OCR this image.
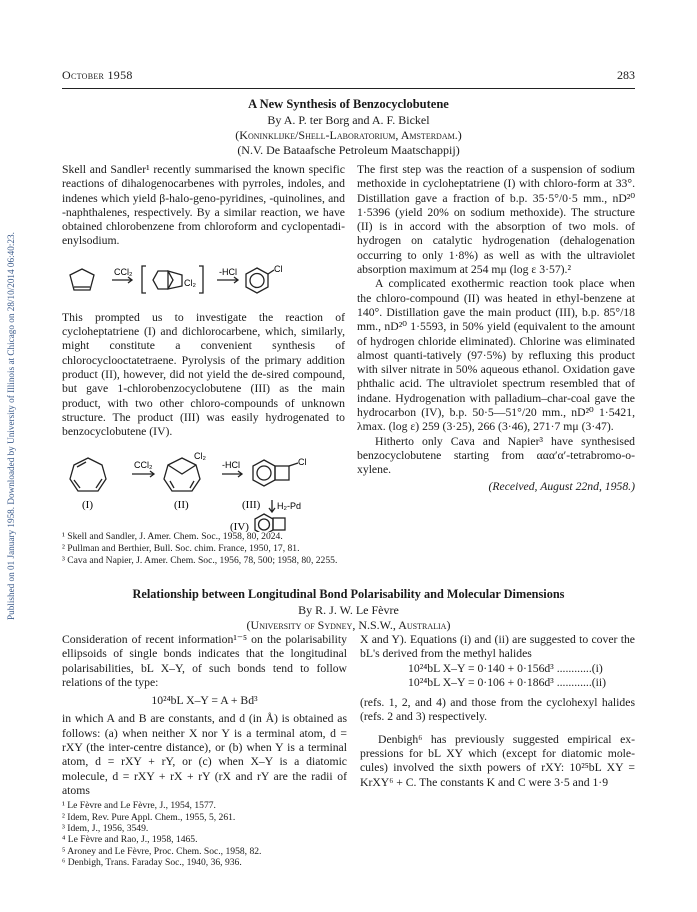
Published on 01 January 1958. Downloaded by University of Illinois at Chicago on 28/10/2014 06:40:23.
October 1958	283
A New Synthesis of Benzocyclobutene
By A. P. ter Borg and A. F. Bickel
(Koninklijke/Shell-Laboratorium, Amsterdam.)
(N.V. De Bataafsche Petroleum Maatschappij)

Skell and Sandler¹ recently summarised the known specific reactions of dihalogenocarbenes with pyrroles, indoles, and indenes which yield β-halo-geno-pyridines, -quinolines, and -naphthalenes, respectively. By a similar reaction, we have obtained chlorobenzene from chloroform and cyclopentadi-enylsodium.

This prompted us to investigate the reaction of cycloheptatriene (I) and dichlorocarbene, which, similarly, might constitute a convenient synthesis of chlorocyclooctatetraene. Pyrolysis of the primary addition product (II), however, did not yield the de-sired compound, but gave 1-chlorobenzocyclobutene (III) as the main product, with two other chloro-compounds of unknown structure. The product (III) was easily hydrogenated to benzocyclobutene (IV).

CCl₂
Cl₂
-HCl	Cl
CCl₂
Cl₂
-HCl	Cl
H₂-Pd
(I)	(II)	(III)
(IV)

The first step was the reaction of a suspension of sodium methoxide in cycloheptatriene (I) with chloro-form at 33°. Distillation gave a fraction of b.p. 35·5°/0·5 mm., nD²⁰ 1·5396 (yield 20% on sodium methoxide). The structure (II) is in accord with the absorption of two mols. of hydrogen on catalytic hydrogenation (dehalogenation occurring to only 1·8%) as well as with the ultraviolet absorption maximum at 254 mμ (log ε 3·57).²

A complicated exothermic reaction took place when the chloro-compound (II) was heated in ethyl-benzene at 140°. Distillation gave the main product (III), b.p. 85°/18 mm., nD²⁰ 1·5593, in 50% yield (equivalent to the amount of hydrogen chloride eliminated). Chlorine was eliminated almost quanti-tatively (97·5%) by refluxing this product with silver nitrate in 50% aqueous ethanol. Oxidation gave phthalic acid. The ultraviolet spectrum resembled that of indane. Hydrogenation with palladium–char-coal gave the hydrocarbon (IV), b.p. 50·5—51°/20 mm., nD²⁰ 1·5421, λmax. (log ε) 259 (3·25), 266 (3·46), 271·7 mμ (3·47).

Hitherto only Cava and Napier³ have synthesised benzocyclobutene starting from ααα′α′-tetrabromo-o-xylene.

(Received, August 22nd, 1958.)
¹ Skell and Sandler, J. Amer. Chem. Soc., 1958, 80, 2024.
² Pullman and Berthier, Bull. Soc. chim. France, 1950, 17, 81.
³ Cava and Napier, J. Amer. Chem. Soc., 1956, 78, 500; 1958, 80, 2255.
Relationship between Longitudinal Bond Polarisability and Molecular Dimensions
By R. J. W. Le Fèvre
(University of Sydney, N.S.W., Australia)

Consideration of recent information¹⁻⁵ on the polarisability ellipsoids of single bonds indicates that the longitudinal polarisabilities, bL X–Y, of such bonds tend to follow relations of the type:

10²⁴bL X–Y = A + Bd³

in which A and B are constants, and d (in Å) is obtained as follows: (a) when neither X nor Y is a terminal atom, d = rXY (the inter-centre distance), or (b) when Y is a terminal atom, d = rXY + rY, or (c) when X–Y is a diatomic molecule, d = rXY + rX + rY (rX and rY are the radii of atoms

¹ Le Fèvre and Le Fèvre, J., 1954, 1577.
² Idem, Rev. Pure Appl. Chem., 1955, 5, 261.
³ Idem, J., 1956, 3549.
⁴ Le Fèvre and Rao, J., 1958, 1465.
⁵ Aroney and Le Fèvre, Proc. Chem. Soc., 1958, 82.
⁶ Denbigh, Trans. Faraday Soc., 1940, 36, 936.

X and Y). Equations (i) and (ii) are suggested to cover the bL's derived from the methyl halides

10²⁴bL X–Y = 0·140 + 0·156d³ ............(i)
10²⁴bL X–Y = 0·106 + 0·186d³ ............(ii)

(refs. 1, 2, and 4) and those from the cyclohexyl halides (refs. 2 and 3) respectively.

Denbigh⁶ has previously suggested empirical ex-pressions for bL XY which (except for diatomic mole-cules) involved the sixth powers of rXY: 10²⁵bL XY = KrXY⁶ + C. The constants K and C were 3·5 and 1·9
